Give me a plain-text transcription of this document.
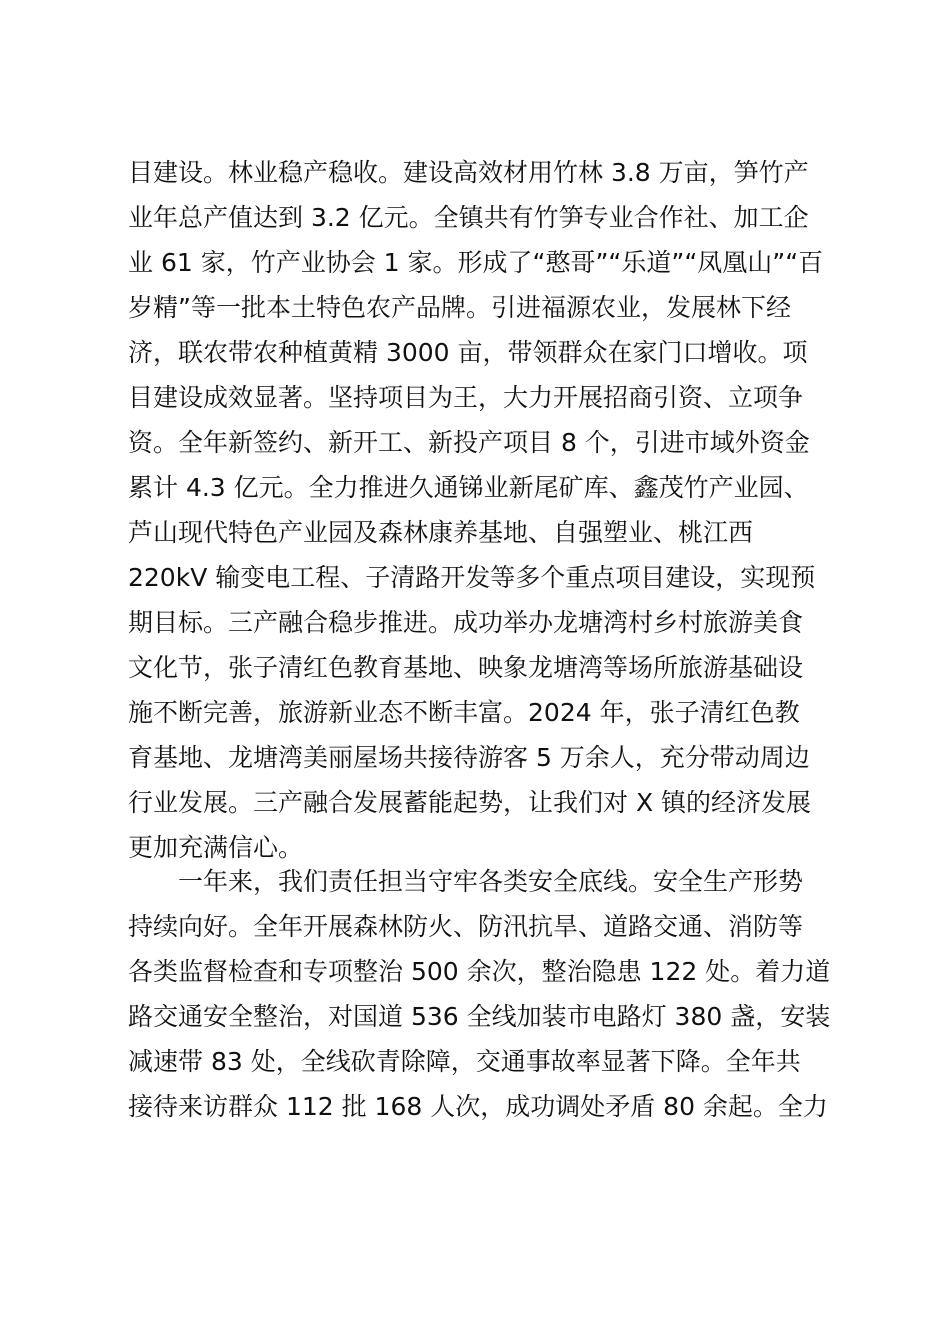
目建设。林业稳产稳收。建设高效材用竹林 3.8 万亩，笋竹产
业年总产值达到 3.2 亿元。全镇共有竹笋专业合作社、加工企
业 61 家，竹产业协会 1 家。形成了“憨哥”“乐道”“凤凰山”“百
岁精”等一批本土特色农产品牌。引进福源农业，发展林下经
济，联农带农种植黄精 3000 亩，带领群众在家门口增收。项
目建设成效显著。坚持项目为王，大力开展招商引资、立项争
资。全年新签约、新开工、新投产项目 8 个，引进市域外资金
累计 4.3 亿元。全力推进久通锑业新尾矿库、鑫茂竹产业园、
芦山现代特色产业园及森林康养基地、自强塑业、桃江西
220kV 输变电工程、子清路开发等多个重点项目建设，实现预
期目标。三产融合稳步推进。成功举办龙塘湾村乡村旅游美食
文化节，张子清红色教育基地、映象龙塘湾等场所旅游基础设
施不断完善，旅游新业态不断丰富。2024 年，张子清红色教
育基地、龙塘湾美丽屋场共接待游客 5 万余人，充分带动周边
行业发展。三产融合发展蓄能起势，让我们对 X 镇的经济发展
更加充满信心。
一年来，我们责任担当守牢各类安全底线。安全生产形势
持续向好。全年开展森林防火、防汛抗旱、道路交通、消防等
各类监督检查和专项整治 500 余次，整治隐患 122 处。着力道
路交通安全整治，对国道 536 全线加装市电路灯 380 盏，安装
减速带 83 处，全线砍青除障，交通事故率显著下降。全年共
接待来访群众 112 批 168 人次，成功调处矛盾 80 余起。全力
